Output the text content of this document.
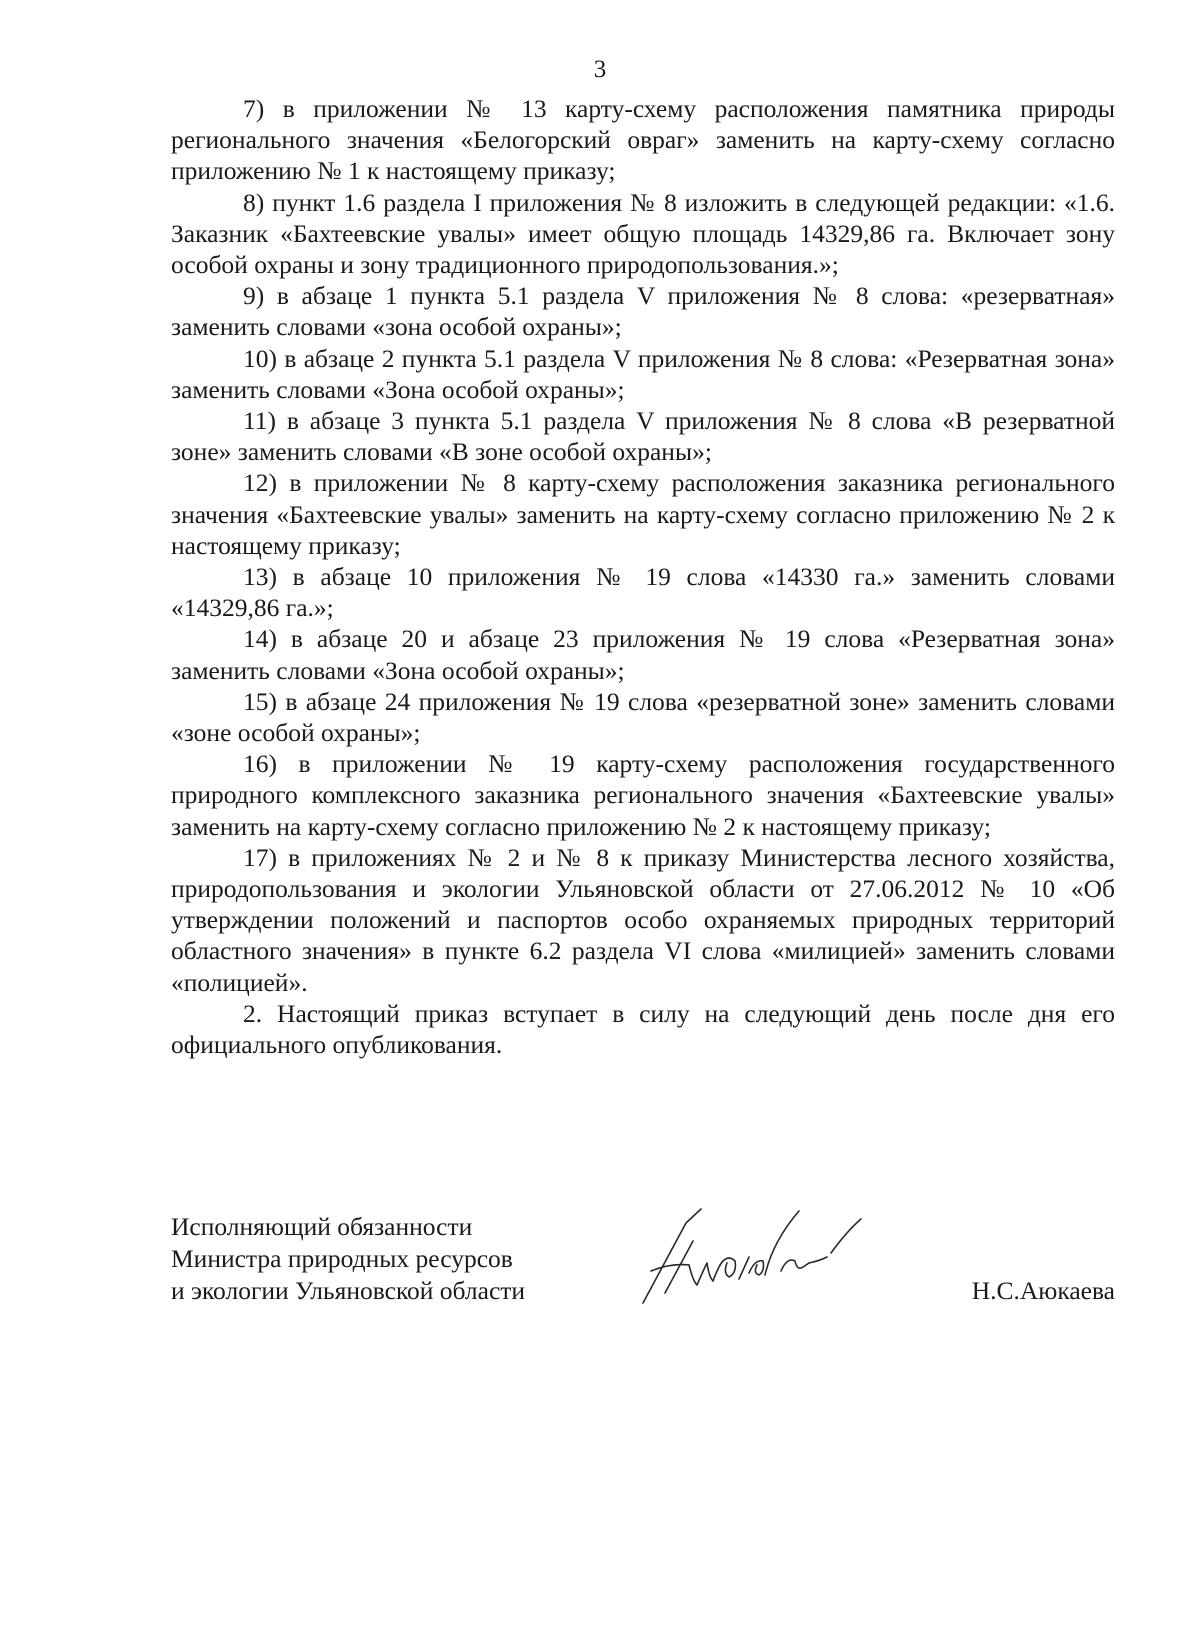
3

7) в приложении № 13 карту-схему расположения памятника природы регионального значения «Белогорский овраг» заменить на карту-схему согласно приложению № 1 к настоящему приказу;

8) пункт 1.6 раздела I приложения № 8 изложить в следующей редакции: «1.6. Заказник «Бахтеевские увалы» имеет общую площадь 14329,86 га. Включает зону особой охраны и зону традиционного природопользования.»;

9) в абзаце 1 пункта 5.1 раздела V приложения № 8 слова: «резерватная» заменить словами «зона особой охраны»;

10) в абзаце 2 пункта 5.1 раздела V приложения № 8 слова: «Резерватная зона» заменить словами «Зона особой охраны»;

11) в абзаце 3 пункта 5.1 раздела V приложения № 8 слова «В резерватной зоне» заменить словами «В зоне особой охраны»;

12) в приложении № 8 карту-схему расположения заказника регионального значения «Бахтеевские увалы» заменить на карту-схему согласно приложению № 2 к настоящему приказу;

13) в абзаце 10 приложения № 19 слова «14330 га.» заменить словами «14329,86 га.»;

14) в абзаце 20 и абзаце 23 приложения № 19 слова «Резерватная зона» заменить словами «Зона особой охраны»;

15) в абзаце 24 приложения № 19 слова «резерватной зоне» заменить словами «зоне особой охраны»;

16) в приложении № 19 карту-схему расположения государственного природного комплексного заказника регионального значения «Бахтеевские увалы» заменить на карту-схему согласно приложению № 2 к настоящему приказу;

17) в приложениях № 2 и № 8 к приказу Министерства лесного хозяйства, природопользования и экологии Ульяновской области от 27.06.2012 № 10 «Об утверждении положений и паспортов особо охраняемых природных территорий областного значения» в пункте 6.2 раздела VI слова «милицией» заменить словами «полицией».

2. Настоящий приказ вступает в силу на следующий день после дня его официального опубликования.

Исполняющий обязанности
Министра природных ресурсов
и экологии Ульяновской области	Н.С.Аюкаева
